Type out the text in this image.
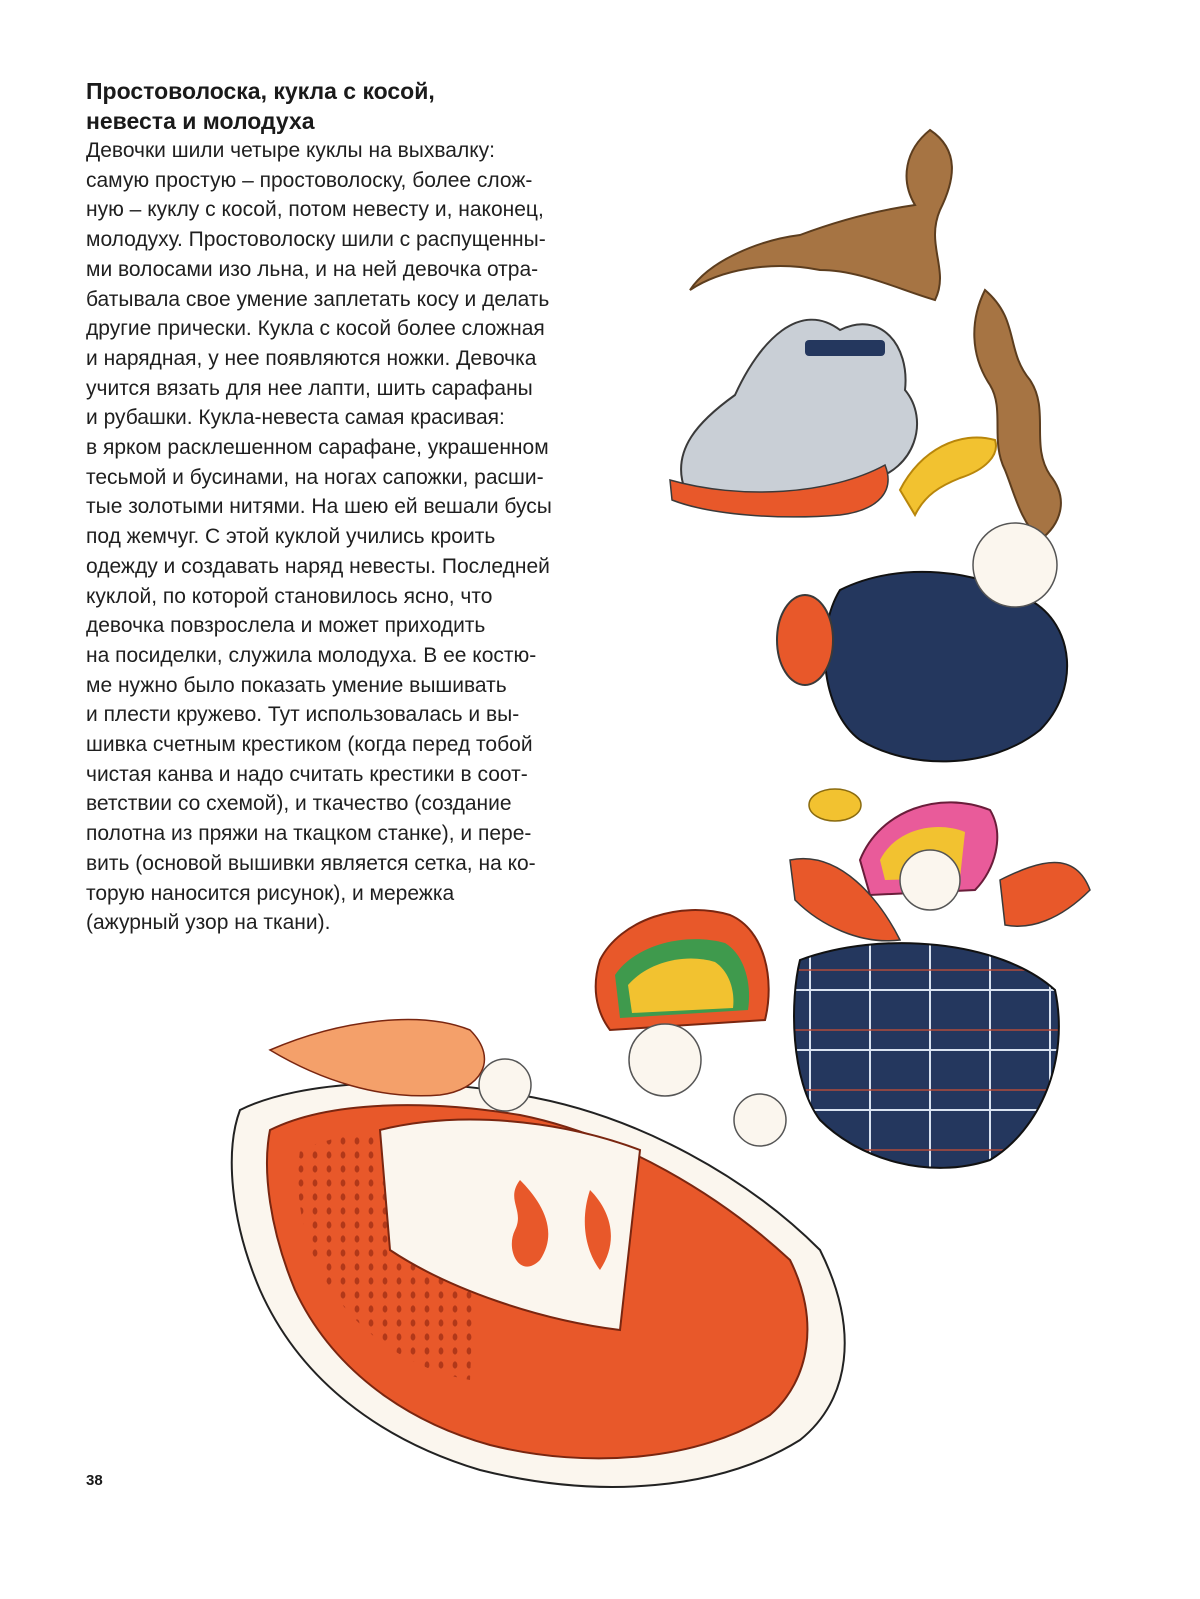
Простоволоска, кукла с косой,
невеста и молодуха
Девочки шили четыре куклы на выхвалку:
самую простую – простоволоску, более слож-
ную – куклу с косой, потом невесту и, наконец,
молодуху. Простоволоску шили с распущенны-
ми волосами изо льна, и на ней девочка отра-
батывала свое умение заплетать косу и делать
другие прически. Кукла с косой более сложная
и нарядная, у нее появляются ножки. Девочка
учится вязать для нее лапти, шить сарафаны
и рубашки. Кукла-невеста самая красивая:
в ярком расклешенном сарафане, украшенном
тесьмой и бусинами, на ногах сапожки, расши-
тые золотыми нитями. На шею ей вешали бусы
под жемчуг. С этой куклой учились кроить
одежду и создавать наряд невесты. Последней
куклой, по которой становилось ясно, что
девочка повзрослела и может приходить
на посиделки, служила молодуха. В ее костю-
ме нужно было показать умение вышивать
и плести кружево. Тут использовалась и вы-
шивка счетным крестиком (когда перед тобой
чистая канва и надо считать крестики в соот-
ветствии со схемой), и ткачество (создание
полотна из пряжи на ткацком станке), и пере-
вить (основой вышивки является сетка, на ко-
торую наносится рисунок), и мережка
(ажурный узор на ткани).
38
